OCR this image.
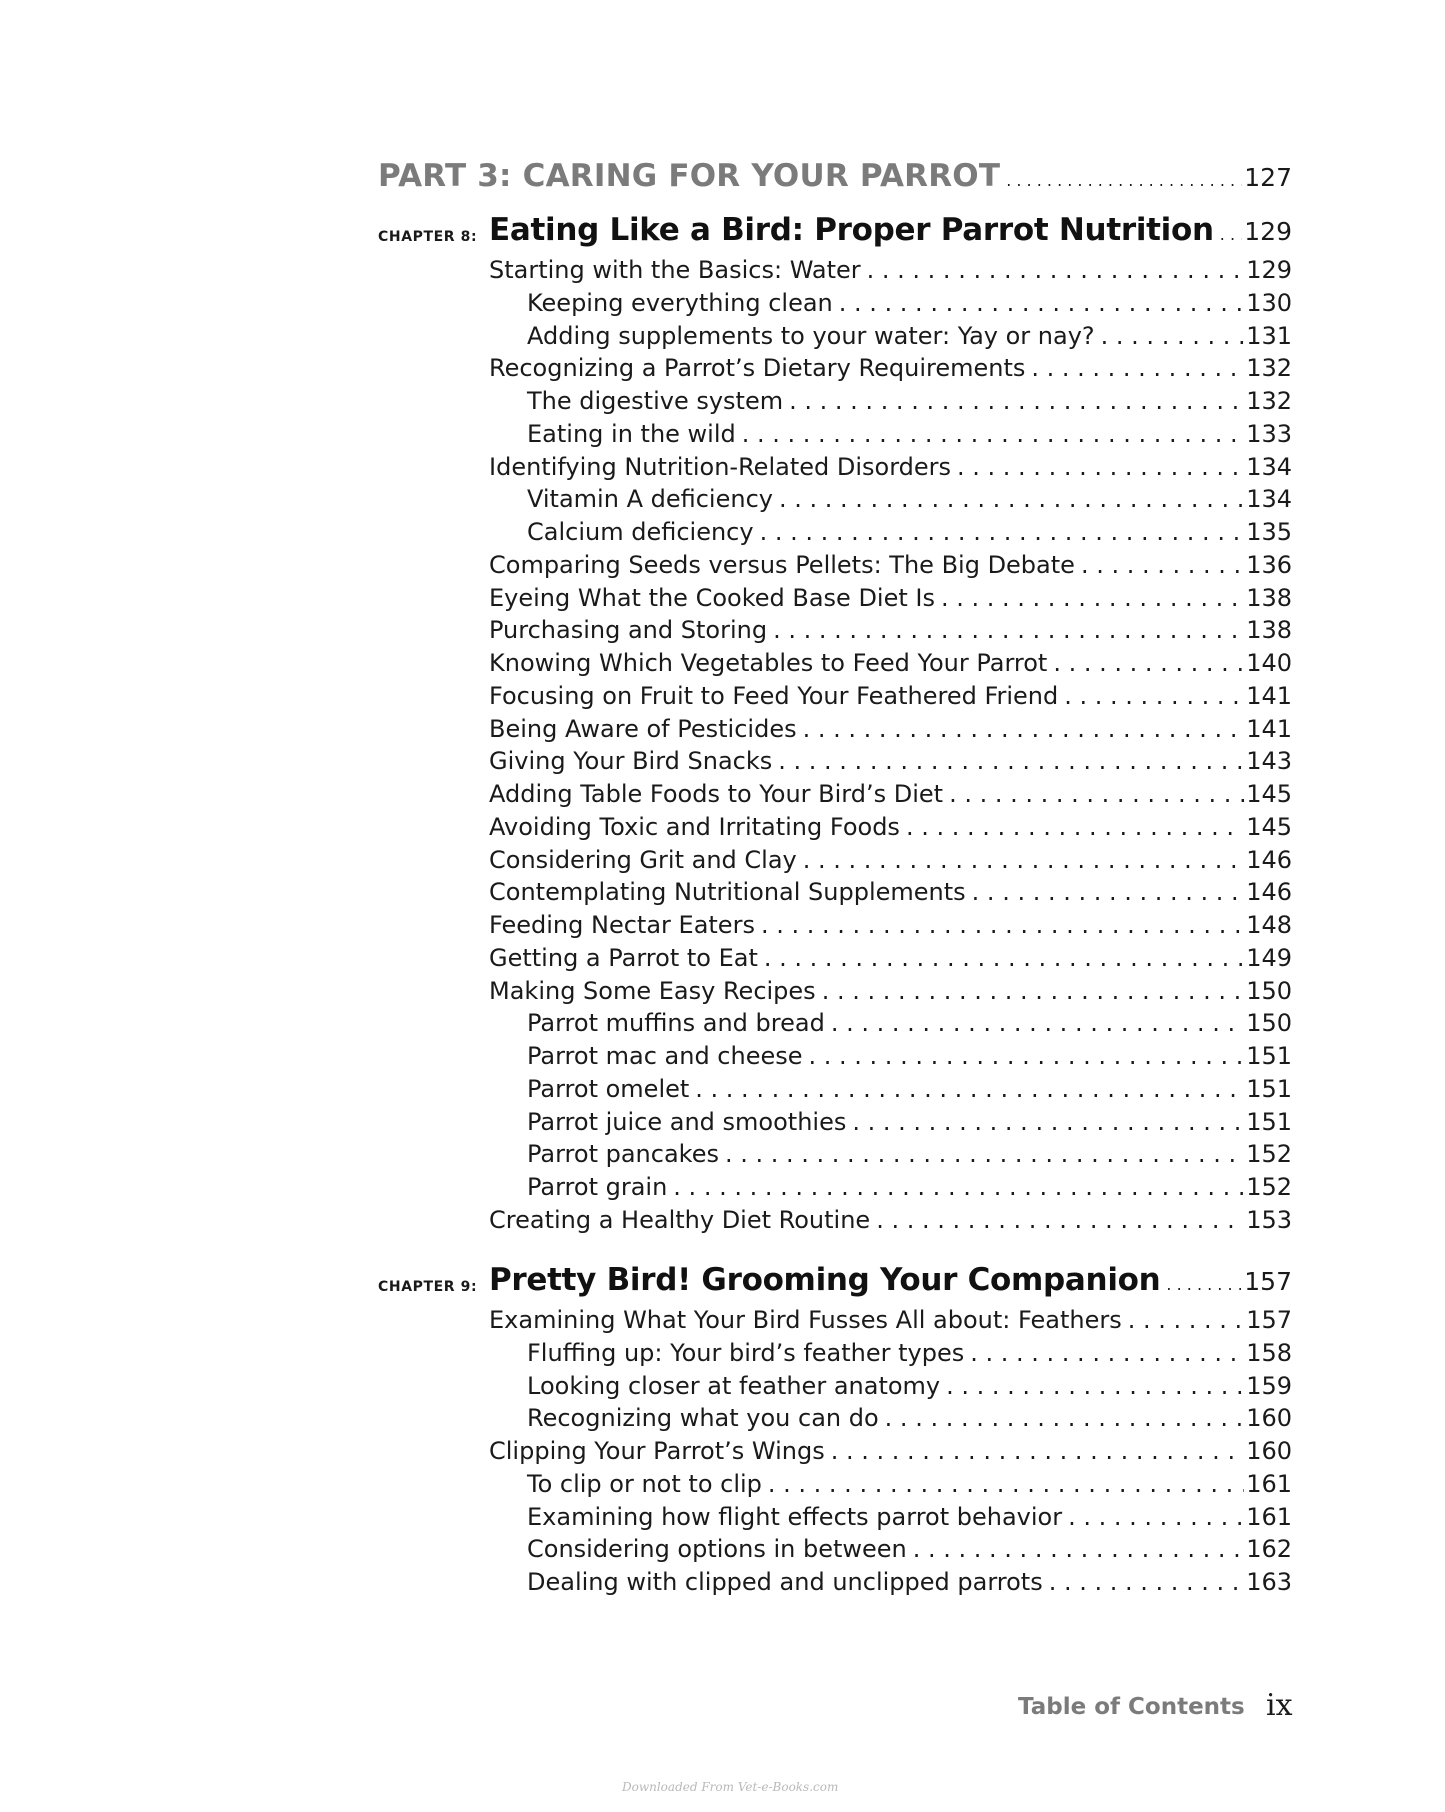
PART 3: CARING FOR YOUR PARROT . . .	127
CHAPTER 8: Eating Like a Bird: Proper Parrot Nutrition . . . 129
Starting with the Basics: Water . . .	129
Keeping everything clean . . .	130
Adding supplements to your water: Yay or nay? . . .	131
Recognizing a Parrot’s Dietary Requirements . . .	132
The digestive system . . .	132
Eating in the wild . . .	133
Identifying Nutrition-Related Disorders . . .	134
Vitamin A deficiency . . .	134
Calcium deficiency . . .	135
Comparing Seeds versus Pellets: The Big Debate . . .	136
Eyeing What the Cooked Base Diet Is . . .	138
Purchasing and Storing . . .	138
Knowing Which Vegetables to Feed Your Parrot . . .	140
Focusing on Fruit to Feed Your Feathered Friend . . .	141
Being Aware of Pesticides . . .	141
Giving Your Bird Snacks . . .	143
Adding Table Foods to Your Bird’s Diet . . .	145
Avoiding Toxic and Irritating Foods . . .	145
Considering Grit and Clay . . .	146
Contemplating Nutritional Supplements . . .	146
Feeding Nectar Eaters . . .	148
Getting a Parrot to Eat . . .	149
Making Some Easy Recipes . . .	150
Parrot muffins and bread . . .	150
Parrot mac and cheese . . .	151
Parrot omelet . . .	151
Parrot juice and smoothies . . .	151
Parrot pancakes . . .	152
Parrot grain . . .	152
Creating a Healthy Diet Routine . . .	153
CHAPTER 9: Pretty Bird! Grooming Your Companion . . .	157
Examining What Your Bird Fusses All about: Feathers . . .	157
Fluffing up: Your bird’s feather types . . .	158
Looking closer at feather anatomy . . .	159
Recognizing what you can do . . .	160
Clipping Your Parrot’s Wings . . .	160
To clip or not to clip . . .	161
Examining how flight effects parrot behavior . . .	161
Considering options in between . . .	162
Dealing with clipped and unclipped parrots . . .	163
Table of Contents ix
Downloaded From Vet-e-Books.com
